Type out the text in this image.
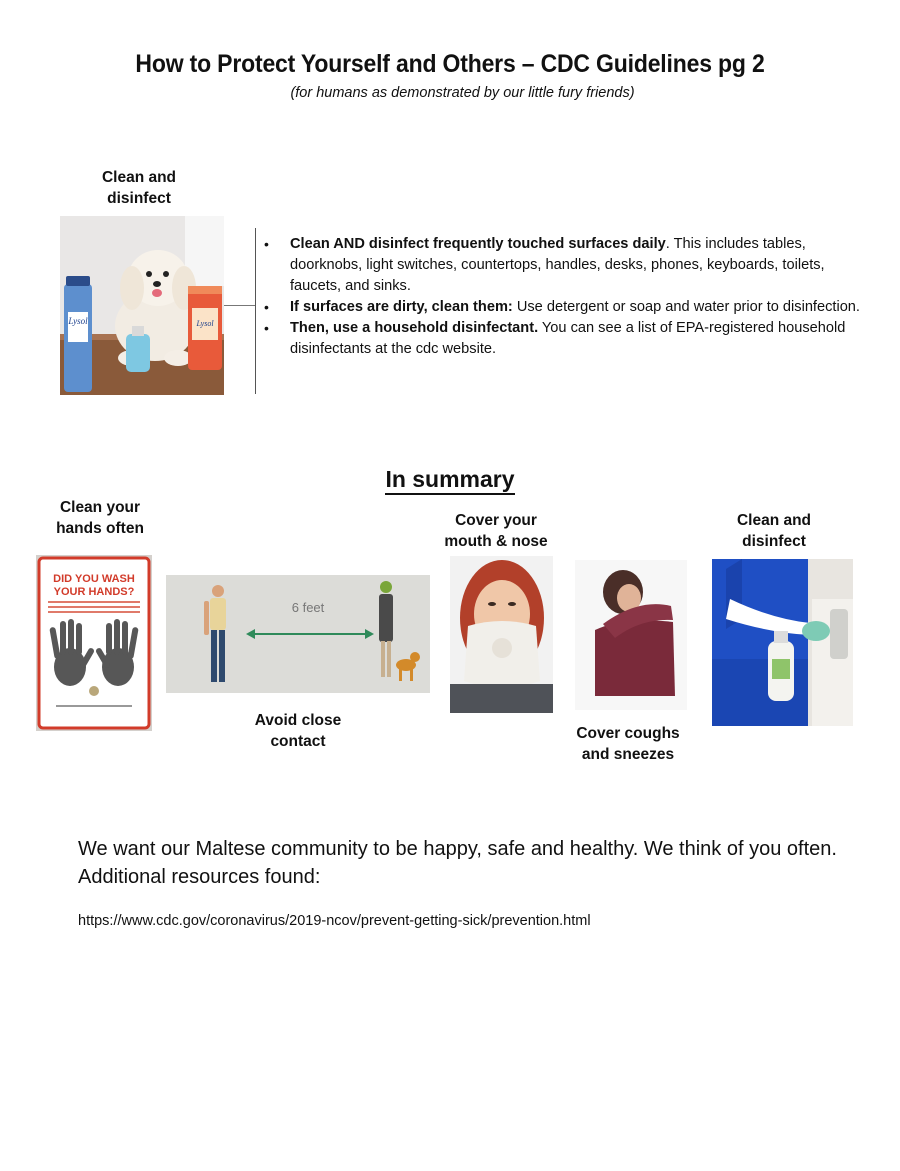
How to Protect Yourself and Others – CDC Guidelines pg 2
(for humans as demonstrated by our little fury friends)
Clean and
disinfect
Lysol	Lysol
• Clean AND disinfect frequently touched surfaces daily. This includes tables, doorknobs, light switches, countertops, handles, desks, phones, keyboards, toilets, faucets, and sinks.
• If surfaces are dirty, clean them: Use detergent or soap and water prior to disinfection.
• Then, use a household disinfectant. You can see a list of EPA-registered household disinfectants at the cdc website.
In summary
Clean your
hands often
DID YOU WASH
YOUR HANDS?
6 feet
Avoid close
contact
Cover your
mouth & nose
Cover coughs
and sneezes
Clean and
disinfect
We want our Maltese community to be happy, safe and healthy. We think of you often.
Additional resources found:
https://www.cdc.gov/coronavirus/2019-ncov/prevent-getting-sick/prevention.html
